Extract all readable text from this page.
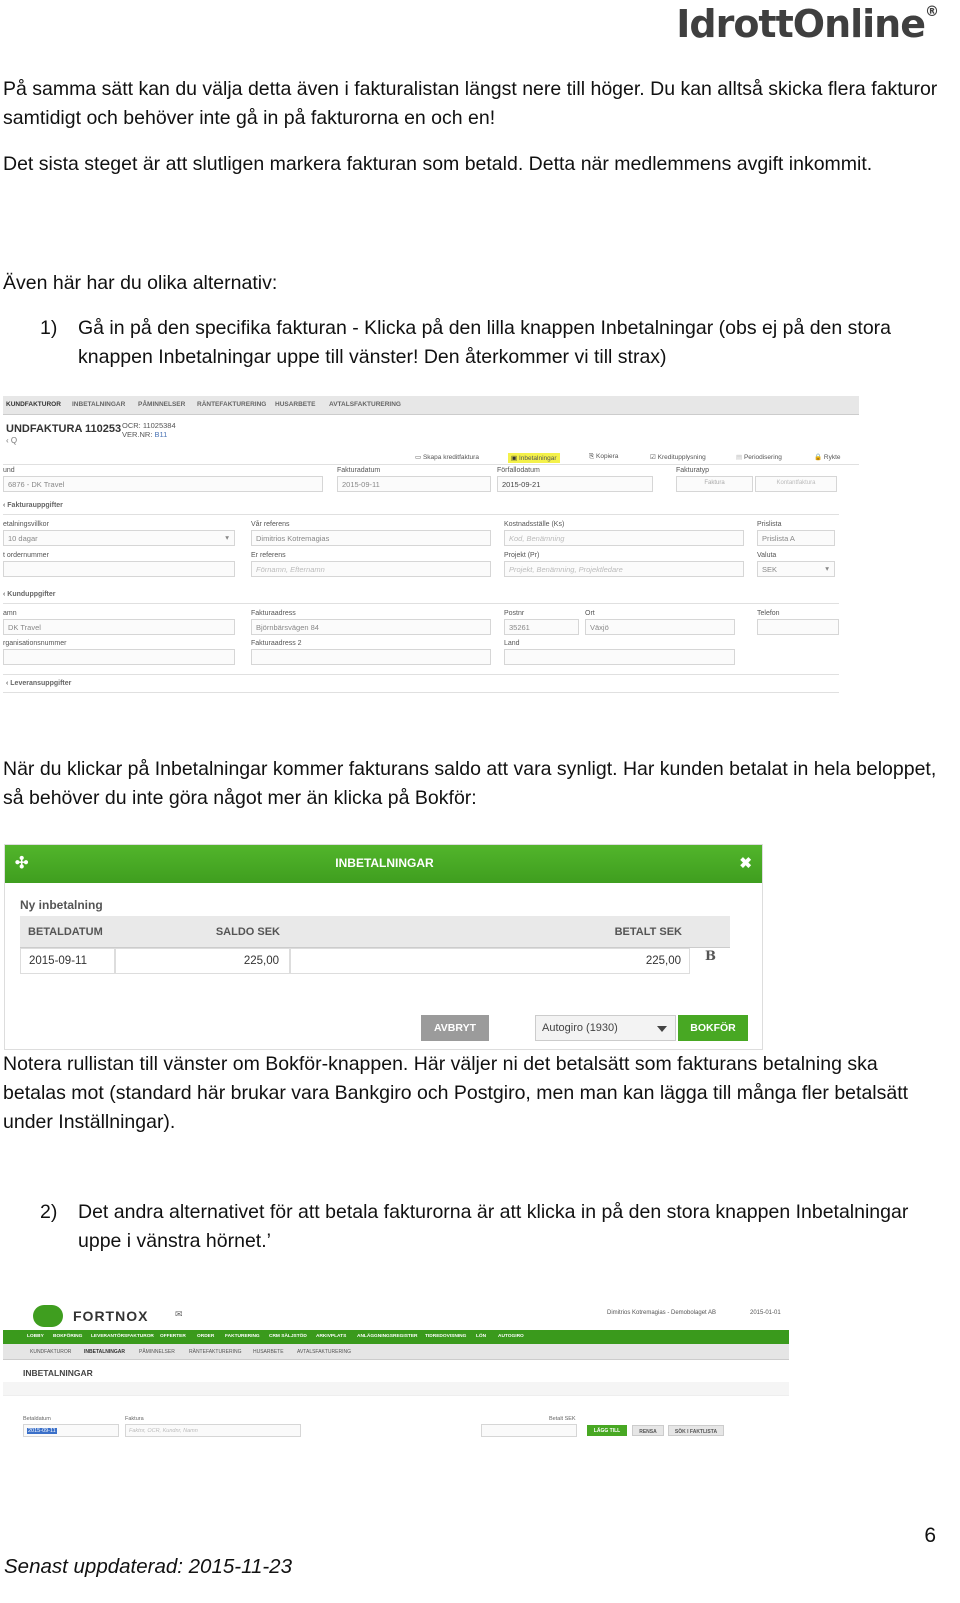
IdrottOnline®
På samma sätt kan du välja detta även i fakturalistan längst nere till höger. Du kan alltså skicka flera fakturor samtidigt och behöver inte gå in på fakturorna en och en!
Det sista steget är att slutligen markera fakturan som betald. Detta när medlemmens avgift inkommit.
Även här har du olika alternativ:
1) Gå in på den specifika fakturan - Klicka på den lilla knappen Inbetalningar (obs ej på den stora knappen Inbetalningar uppe till vänster! Den återkommer vi till strax)
KUNDFAKTUROR INBETALNINGAR PÅMINNELSER RÄNTEFAKTURERING HUSARBETE AVTALSFAKTURERING
UNDFAKTURA 110253 OCR: 11025384
VER.NR: B11
‹ Q
▭ Skapa kreditfaktura	▣ Inbetalningar	⎘ Kopiera	☑ Kreditupplysning	▤ Periodisering	🔒 Rykte
und
6876 - DK Travel
Fakturadatum
2015-09-11
Förfallodatum
2015-09-21
Fakturatyp
Faktura	Kontantfaktura
‹ Fakturauppgifter
etalningsvillkor
10 dagar	▾
Vår referens
Dimitrios Kotremagias
Kostnadsställe (Ks)
Kod, Benämning
Prislista
Prislista A
t ordernummer	Er referens
Förnamn, Efternamn
Projekt (Pr)
Projekt, Benämning, Projektledare
Valuta
SEK	▾
‹ Kunduppgifter
amn
DK Travel
Fakturaadress
Björnbärsvägen 84
Postnr
35261
Ort
Växjö
Telefon
rganisationsnummer	Fakturaadress 2	Land
‹ Leveransuppgifter
När du klickar på Inbetalningar kommer fakturans saldo att vara synligt. Har kunden betalat in hela beloppet, så behöver du inte göra något mer än klicka på Bokför:
✣	INBETALNINGAR	✖
Ny inbetalning
BETALDATUM	SALDO SEK	BETALT SEK
2015-09-11	225,00	225,00	B
AVBRYT	Autogiro (1930)	BOKFÖR
Notera rullistan till vänster om Bokför-knappen. Här väljer ni det betalsätt som fakturans betalning ska betalas mot (standard här brukar vara Bankgiro och Postgiro, men man kan lägga till många fler betalsätt under Inställningar).
2) Det andra alternativet för att betala fakturorna är att klicka in på den stora knappen Inbetalningar uppe i vänstra hörnet.’
FORTNOX	✉	Dimitrios Kotremagias - Demobolaget AB	2015-01-01
LOBBY BOKFÖRING LEVERANTÖRSFAKTUROR OFFERTER ORDER FAKTURERING CRM SÄLJSTÖD ARKIVPLATS ANLÄGGNINGSREGISTER TIDREDOVISNING LÖN AUTOGIRO
KUNDFAKTUROR	INBETALNINGAR	PÅMINNELSER	RÄNTEFAKTURERING HUSARBETE	AVTALSFAKTURERING
INBETALNINGAR
Betaldatum
2015-09-11
Faktura
Faktnr, OCR, Kundnr, Namn
Betalt SEK
LÄGG TILL	RENSA	SÖK I FAKTLISTA
6
Senast uppdaterad: 2015-11-23
